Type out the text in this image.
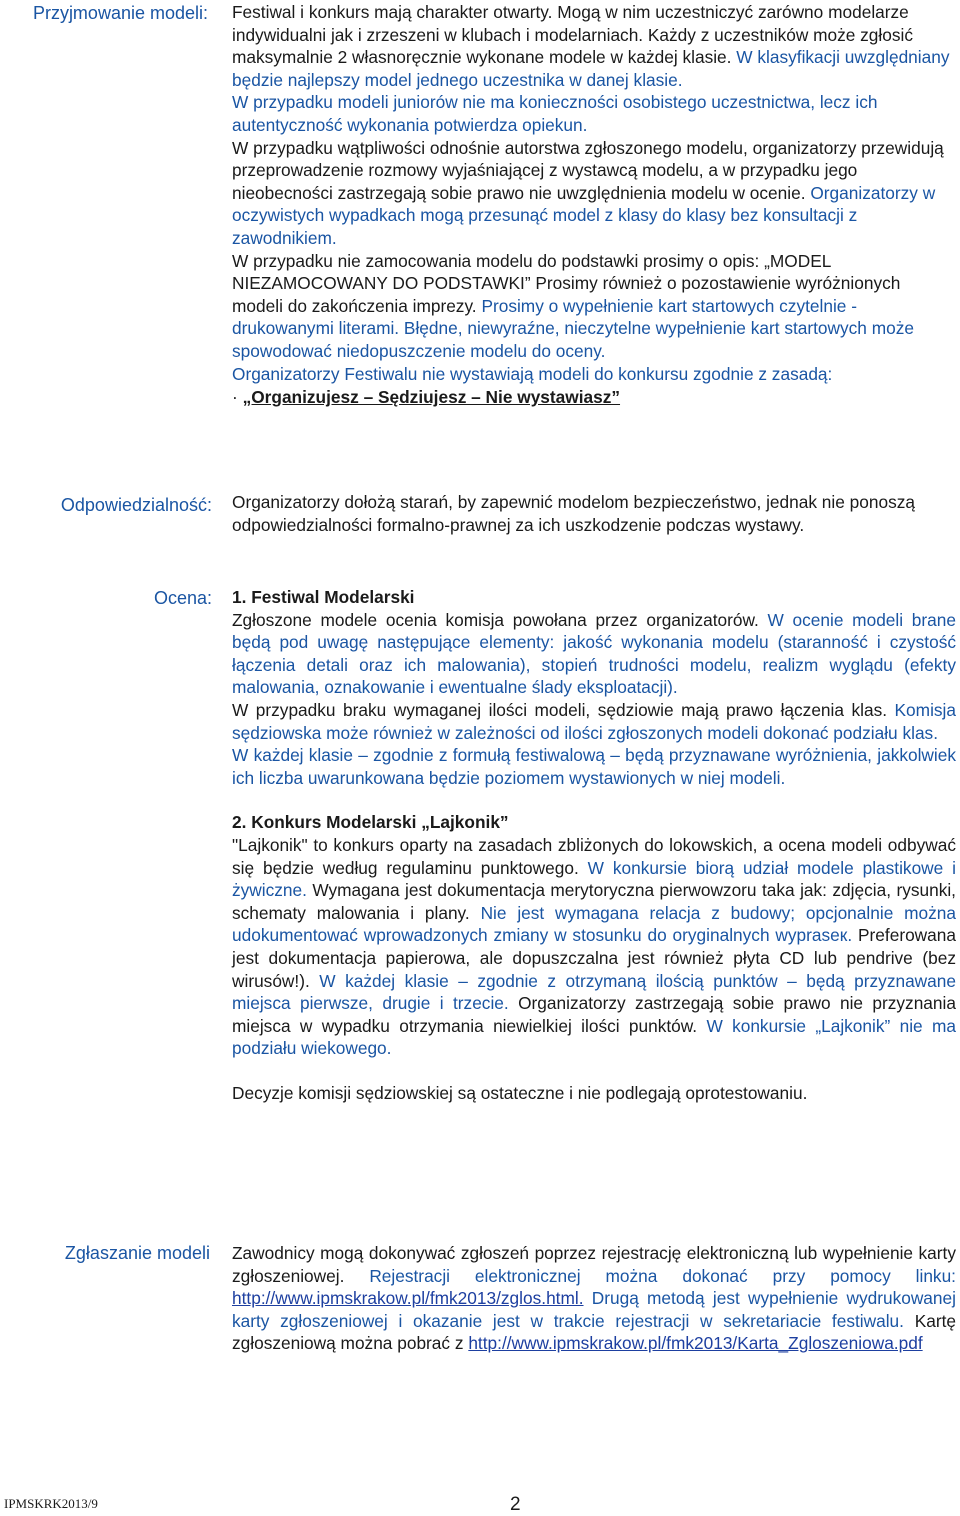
Przyjmowanie modeli: Festiwal i konkurs mają charakter otwarty. Mogą w nim uczestniczyć zarówno modelarze indywidualni jak i zrzeszeni w klubach i modelarniach. Każdy z uczestników może zgłosić maksymalnie 2 własnoręcznie wykonane modele w każdej klasie. W klasyfikacji uwzględniany będzie najlepszy model jednego uczestnika w danej klasie.

W przypadku modeli juniorów nie ma konieczności osobistego uczestnictwa, lecz ich autentyczność wykonania potwierdza opiekun.

W przypadku wątpliwości odnośnie autorstwa zgłoszonego modelu, organizatorzy przewidują przeprowadzenie rozmowy wyjaśniającej z wystawcą modelu, a w przypadku jego nieobecności zastrzegają sobie prawo nie uwzględnienia modelu w ocenie. Organizatorzy w oczywistych wypadkach mogą przesunąć model z klasy do klasy bez konsultacji z zawodnikiem.

W przypadku nie zamocowania modelu do podstawki prosimy o opis: „MODEL NIEZAMOCOWANY DO PODSTAWKI” Prosimy również o pozostawienie wyróżnionych modeli do zakończenia imprezy. Prosimy o wypełnienie kart startowych czytelnie - drukowanymi literami. Błędne, niewyraźne, nieczytelne wypełnienie kart startowych może spowodować niedopuszczenie modelu do oceny.

Organizatorzy Festiwalu nie wystawiają modeli do konkursu zgodnie z zasadą:

· „Organizujesz – Sędziujesz – Nie wystawiasz”

Odpowiedzialność: Organizatorzy dołożą starań, by zapewnić modelom bezpieczeństwo, jednak nie ponoszą odpowiedzialności formalno-prawnej za ich uszkodzenie podczas wystawy.

Ocena: 1. Festiwal Modelarski

Zgłoszone modele ocenia komisja powołana przez organizatorów. W ocenie modeli brane będą pod uwagę następujące elementy: jakość wykonania modelu (staranność i czystość łączenia detali oraz ich malowania), stopień trudności modelu, realizm wyglądu (efekty malowania, oznakowanie i ewentualne ślady eksploatacji).

W przypadku braku wymaganej ilości modeli, sędziowie mają prawo łączenia klas. Komisja sędziowska może również w zależności od ilości zgłoszonych modeli dokonać podziału klas.

W każdej klasie – zgodnie z formułą festiwalową – będą przyznawane wyróżnienia, jakkolwiek ich liczba uwarunkowana będzie poziomem wystawionych w niej modeli.

2. Konkurs Modelarski „Lajkonik”

"Lajkonik" to konkurs oparty na zasadach zbliżonych do lokowskich, a ocena modeli odbywać się będzie według regulaminu punktowego. W konkursie biorą udział modele plastikowe i żywiczne. Wymagana jest dokumentacja merytoryczna pierwowzoru taka jak: zdjęcia, rysunki, schematy malowania i plany. Nie jest wymagana relacja z budowy; opcjonalnie można udokumentować wprowadzonych zmiany w stosunku do oryginalnych wypraseк. Preferowana jest dokumentacja papierowa, ale dopuszczalna jest również płyta CD lub pendrive (bez wirusów!). W każdej klasie – zgodnie z otrzymaną ilością punktów – będą przyznawane miejsca pierwsze, drugie i trzecie. Organizatorzy zastrzegają sobie prawo nie przyznania miejsca w wypadku otrzymania niewielkiej ilości punktów. W konkursie „Lajkonik” nie ma podziału wiekowego.

Decyzje komisji sędziowskiej są ostateczne i nie podlegają oprotestowaniu.

Zgłaszanie modeli Zawodnicy mogą dokonywać zgłoszeń poprzez rejestrację elektroniczną lub wypełnienie karty zgłoszeniowej. Rejestracji elektronicznej można dokonać przy pomocy linku: http://www.ipmskrakow.pl/fmk2013/zglos.html. Drugą metodą jest wypełnienie wydrukowanej karty zgłoszeniowej i okazanie jest w trakcie rejestracji w sekretariacie festiwalu. Kartę zgłoszeniową można pobrać z http://www.ipmskrakow.pl/fmk2013/Karta_Zgloszeniowa.pdf

IPMSKRK2013/9	2
